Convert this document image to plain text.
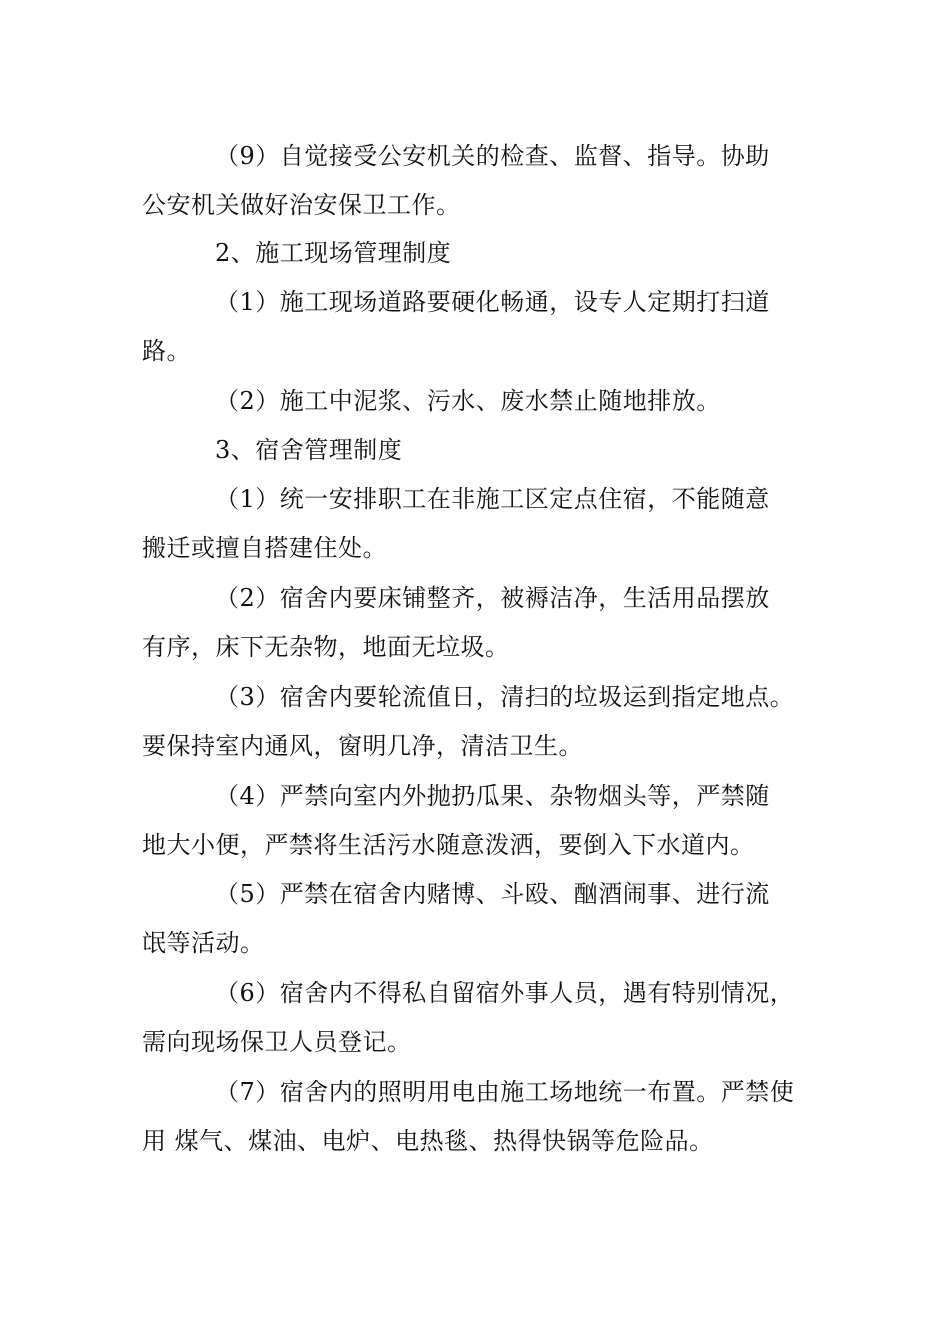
（9）自觉接受公安机关的检查、监督、指导。协助
公安机关做好治安保卫工作。
2、施工现场管理制度
（1）施工现场道路要硬化畅通，设专人定期打扫道
路。
（2）施工中泥浆、污水、废水禁止随地排放。
3、宿舍管理制度
（1）统一安排职工在非施工区定点住宿，不能随意
搬迁或擅自搭建住处。
（2）宿舍内要床铺整齐，被褥洁净，生活用品摆放
有序，床下无杂物，地面无垃圾。
（3）宿舍内要轮流值日，清扫的垃圾运到指定地点。
要保持室内通风，窗明几净，清洁卫生。
（4）严禁向室内外抛扔瓜果、杂物烟头等，严禁随
地大小便，严禁将生活污水随意泼洒，要倒入下水道内。
（5）严禁在宿舍内赌博、斗殴、酗酒闹事、进行流
氓等活动。
（6）宿舍内不得私自留宿外事人员，遇有特别情况，
需向现场保卫人员登记。
（7）宿舍内的照明用电由施工场地统一布置。严禁使
用 煤气、煤油、电炉、电热毯、热得快锅等危险品。
